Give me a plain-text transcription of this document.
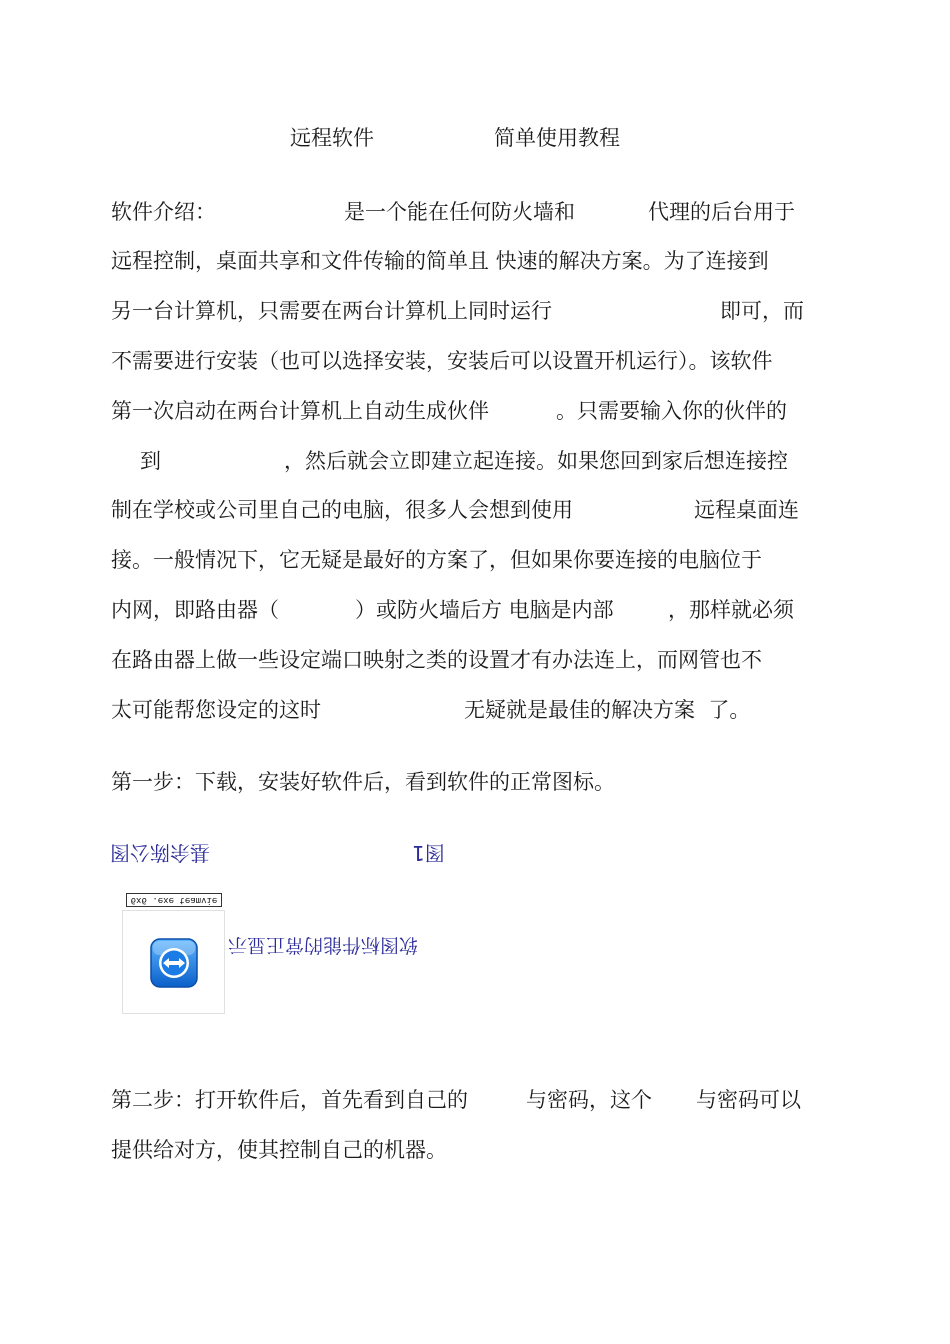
远程软件	简单使用教程
软件介绍：	是一个能在任何防火墙和	代理的后台用于
远程控制，桌面共享和文件传输的简单且 快速的解决方案。为了连接到
另一台计算机，只需要在两台计算机上同时运行	即可，而
不需要进行安装（也可以选择安装，安装后可以设置开机运行）。该软件
第一次启动在两台计算机上自动生成伙伴	。只需要输入你的伙伴的
到	，然后就会立即建立起连接。如果您回到家后想连接控
制在学校或公司里自己的电脑，很多人会想到使用	远程桌面连
接。一般情况下，它无疑是最好的方案了，但如果你要连接的电脑位于
内网，即路由器（	）或防火墙后方 电脑是内部	，那样就必须
在路由器上做一些设定端口映射之类的设置才有办法连上，而网管也不
太可能帮您设定的这时	无疑就是最佳的解决方案  了。
第一步：下载，安装好软件后，看到软件的正常图标。
基余陈公图	图1
6x6 .exe teamvie
软图标件能的常正显示
第二步：打开软件后，首先看到自己的	与密码，这个 与密码可以
提供给对方，使其控制自己的机器。
